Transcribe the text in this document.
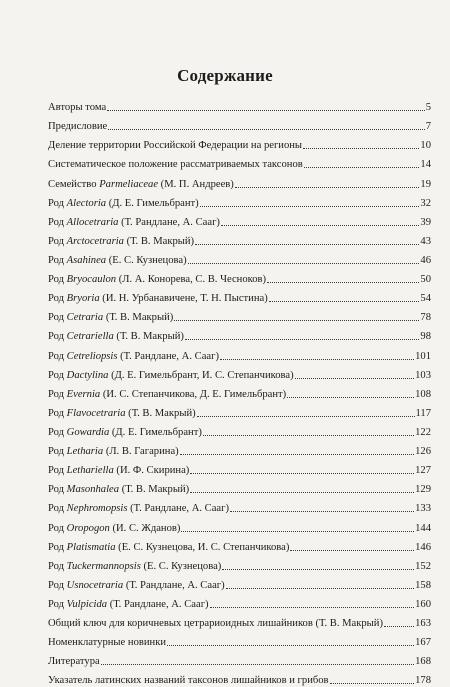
Содержание
Авторы тома	5
Предисловие	7
Деление территории Российской Федерации на регионы	10
Систематическое положение рассматриваемых таксонов	14
Семейство Parmeliaceae (М. П. Андреев)	19
Род Alectoria (Д. Е. Гимельбрант)	32
Род Allocetraria (Т. Рандлане, А. Сааг)	39
Род Arctocetraria (Т. В. Макрый)	43
Род Asahinea (Е. С. Кузнецова)	46
Род Bryocaulon (Л. А. Конорева, С. В. Чесноков)	50
Род Bryoria (И. Н. Урбанавичене, Т. Н. Пыстина)	54
Род Cetraria (Т. В. Макрый)	78
Род Cetrariella (Т. В. Макрый)	98
Род Cetreliopsis (Т. Рандлане, А. Сааг)	101
Род Dactylina (Д. Е. Гимельбрант, И. С. Степанчикова)	103
Род Evernia (И. С. Степанчикова, Д. Е. Гимельбрант)	108
Род Flavocetraria (Т. В. Макрый)	117
Род Gowardia (Д. Е. Гимельбрант)	122
Род Letharia (Л. В. Гагарина)	126
Род Lethariella (И. Ф. Скирина)	127
Род Masonhalea (Т. В. Макрый)	129
Род Nephromopsis (Т. Рандлане, А. Сааг)	133
Род Oropogon (И. С. Жданов)	144
Род Platismatia (Е. С. Кузнецова, И. С. Степанчикова)	146
Род Tuckermannopsis (Е. С. Кузнецова)	152
Род Usnocetraria (Т. Рандлане, А. Сааг)	158
Род Vulpicida (Т. Рандлане, А. Сааг)	160
Общий ключ для коричневых цетрариоидных лишайников (Т. В. Макрый)	163
Номенклатурные новинки	167
Литература	168
Указатель латинских названий таксонов лишайников и грибов	178
